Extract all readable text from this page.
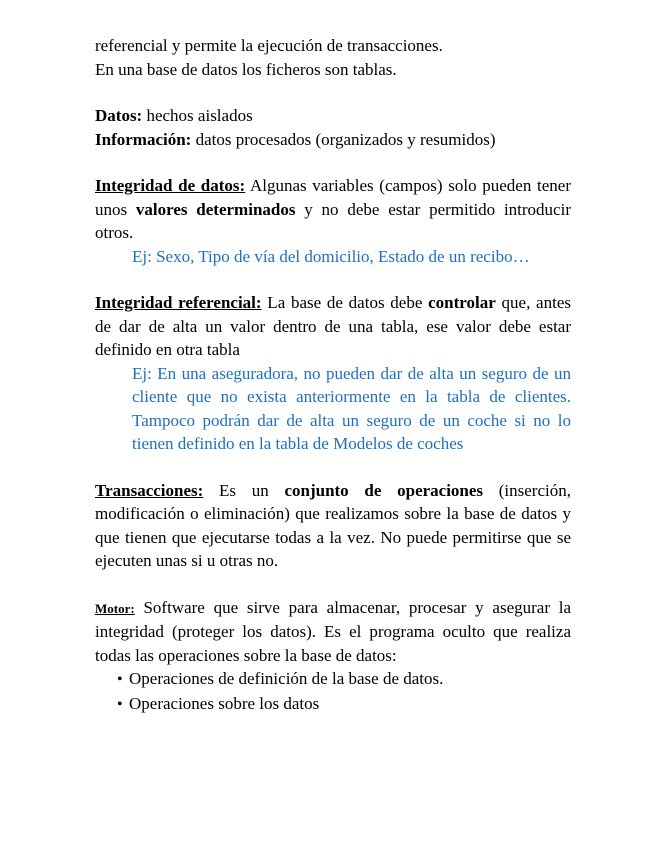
referencial y permite la ejecución de transacciones.

En una base de datos los ficheros son tablas.

Datos: hechos aislados

Información: datos procesados (organizados y resumidos)

Integridad de datos: Algunas variables (campos) solo pueden tener unos valores determinados y no debe estar permitido introducir otros.

Ej: Sexo, Tipo de vía del domicilio, Estado de un recibo…

Integridad referencial: La base de datos debe controlar que, antes de dar de alta un valor dentro de una tabla, ese valor debe estar definido en otra tabla

Ej: En una aseguradora, no pueden dar de alta un seguro de un cliente que no exista anteriormente en la tabla de clientes. Tampoco podrán dar de alta un seguro de un coche si no lo tienen definido en la tabla de Modelos de coches

Transacciones: Es un conjunto de operaciones (inserción, modificación o eliminación) que realizamos sobre la base de datos y que tienen que ejecutarse todas a la vez. No puede permitirse que se ejecuten unas si u otras no.

Motor: Software que sirve para almacenar, procesar y asegurar la integridad (proteger los datos). Es el programa oculto que realiza todas las operaciones sobre la base de datos:

• Operaciones de definición de la base de datos.
• Operaciones sobre los datos
